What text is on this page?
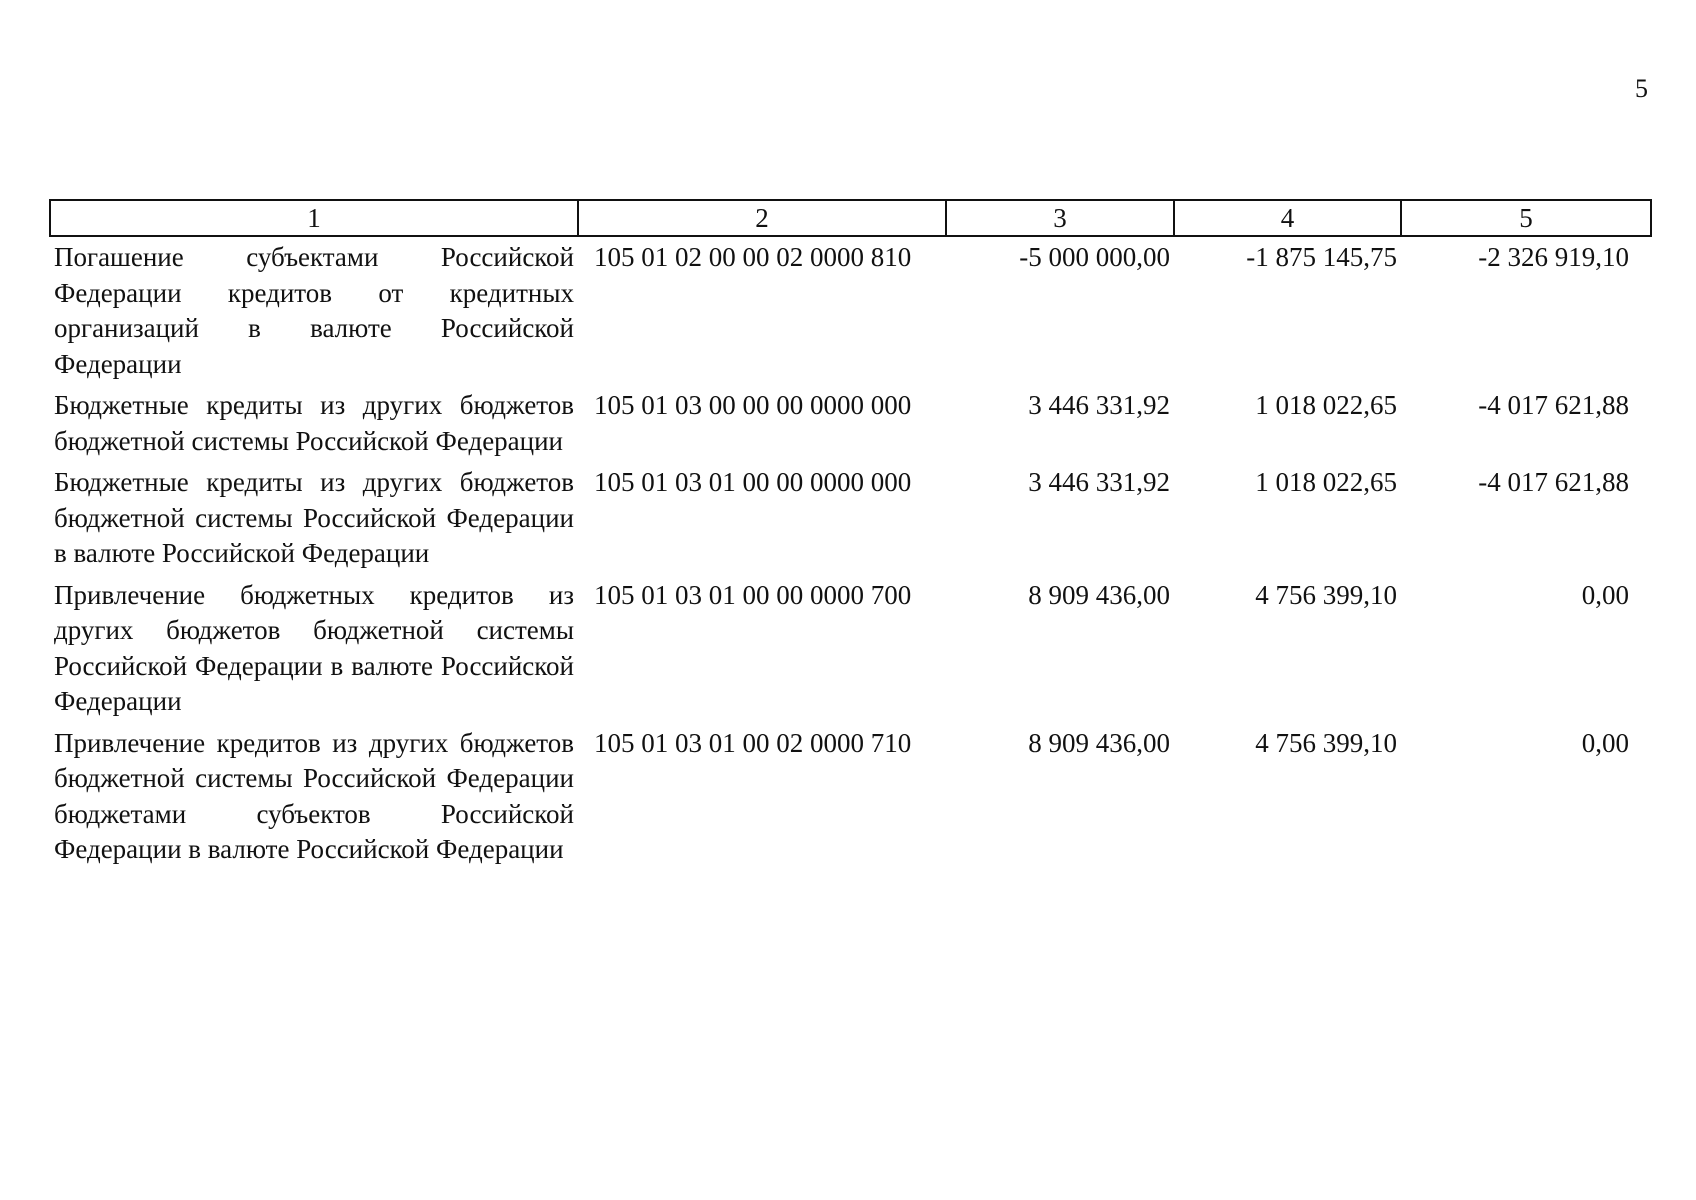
5
1	2	3	4	5
Погашение субъектами Российской Федерации кредитов от кредитных организаций в валюте Российской Федерации	105 01 02 00 00 02 0000 810	-5 000 000,00	-1 875 145,75	-2 326 919,10
Бюджетные кредиты из других бюджетов бюджетной системы Российской Федерации	105 01 03 00 00 00 0000 000	3 446 331,92	1 018 022,65	-4 017 621,88
Бюджетные кредиты из других бюджетов бюджетной системы Российской Федерации в валюте Российской Федерации	105 01 03 01 00 00 0000 000	3 446 331,92	1 018 022,65	-4 017 621,88
Привлечение бюджетных кредитов из других бюджетов бюджетной системы Российской Федерации в валюте Российской Федерации	105 01 03 01 00 00 0000 700	8 909 436,00	4 756 399,10	0,00
Привлечение кредитов из других бюджетов бюджетной системы Российской Федерации бюджетами субъектов Российской Федерации в валюте Российской Федерации	105 01 03 01 00 02 0000 710	8 909 436,00	4 756 399,10	0,00
